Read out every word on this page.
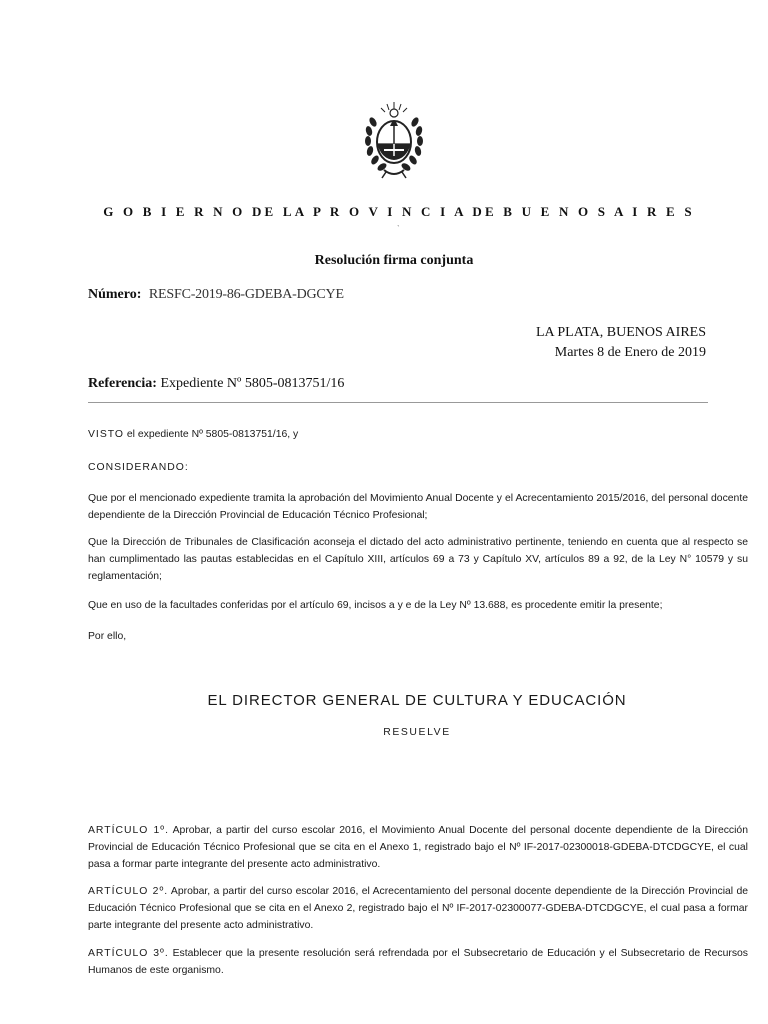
G O B I E R N O DE LA P R O V I N C I A DE B U E N O S A I R E S
`
Resolución firma conjunta
Número: RESFC-2019-86-GDEBA-DGCYE
LA PLATA, BUENOS AIRES
Martes 8 de Enero de 2019
Referencia: Expediente Nº 5805-0813751/16
VISTO el expediente Nº 5805-0813751/16, y
CONSIDERANDO:
Que por el mencionado expediente tramita la aprobación del Movimiento Anual Docente y el Acrecentamiento 2015/2016, del personal docente dependiente de la Dirección Provincial de Educación Técnico Profesional;
Que la Dirección de Tribunales de Clasificación aconseja el dictado del acto administrativo pertinente, teniendo en cuenta que al respecto se han cumplimentado las pautas establecidas en el Capítulo XIII, artículos 69 a 73 y Capítulo XV, artículos 89 a 92, de la Ley N° 10579 y su reglamentación;
Que en uso de la facultades conferidas por el artículo 69, incisos a y e de la Ley Nº 13.688, es procedente emitir la presente;
Por ello,
EL DIRECTOR GENERAL DE CULTURA Y EDUCACIÓN
RESUELVE
ARTÍCULO 1º. Aprobar, a partir del curso escolar 2016, el Movimiento Anual Docente del personal docente dependiente de la Dirección Provincial de Educación Técnico Profesional que se cita en el Anexo 1, registrado bajo el Nº IF-2017-02300018-GDEBA-DTCDGCYE, el cual pasa a formar parte integrante del presente acto administrativo.
ARTÍCULO 2º. Aprobar, a partir del curso escolar 2016, el Acrecentamiento del personal docente dependiente de la Dirección Provincial de Educación Técnico Profesional que se cita en el Anexo 2, registrado bajo el Nº IF-2017-02300077-GDEBA-DTCDGCYE, el cual pasa a formar parte integrante del presente acto administrativo.
ARTÍCULO 3º. Establecer que la presente resolución será refrendada por el Subsecretario de Educación y el Subsecretario de Recursos Humanos de este organismo.
